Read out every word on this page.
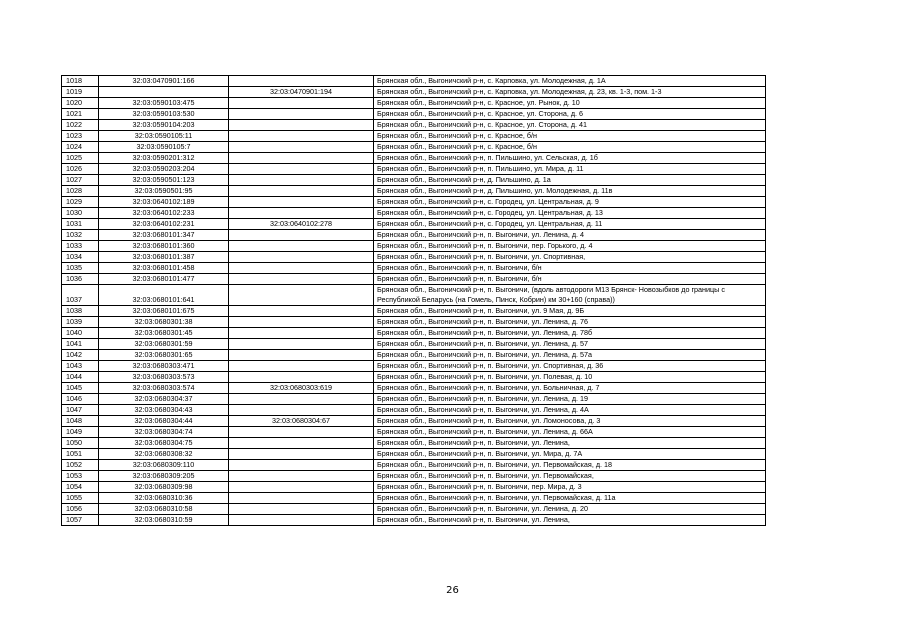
1018	32:03:0470901:166		Брянская обл., Выгоничский р-н, с. Карповка, ул. Молодежная, д. 1А
1019		32:03:0470901:194	Брянская обл., Выгоничский р-н, с. Карповка, ул. Молодежная, д. 23, кв. 1-3, пом. 1-3
1020	32:03:0590103:475		Брянская обл., Выгоничский р-н, с. Красное, ул. Рынок, д. 10
1021	32:03:0590103:530		Брянская обл., Выгоничский р-н, с. Красное, ул. Сторона, д. 6
1022	32:03:0590104:203		Брянская обл., Выгоничский р-н, с. Красное, ул. Сторона, д. 41
1023	32:03:0590105:11		Брянская обл., Выгоничский р-н, с. Красное, б/н
1024	32:03:0590105:7		Брянская обл., Выгоничский р-н, с. Красное, б/н
1025	32:03:0590201:312		Брянская обл., Выгоничский р-н, п. Пильшино, ул. Сельская, д. 1б
1026	32:03:0590203:204		Брянская обл., Выгоничский р-н, п. Пильшино, ул. Мира, д. 11
1027	32:03:0590501:123		Брянская обл., Выгоничский р-н, д. Пильшино, д. 1а
1028	32:03:0590501:95		Брянская обл., Выгоничский р-н, д. Пильшино, ул. Молодежная, д. 11в
1029	32:03:0640102:189		Брянская обл., Выгоничский р-н, с. Городец, ул. Центральная, д. 9
1030	32:03:0640102:233		Брянская обл., Выгоничский р-н, с. Городец, ул. Центральная, д. 13
1031	32:03:0640102:231	32:03:0640102:278	Брянская обл., Выгоничский р-н, с. Городец, ул. Центральная, д. 11
1032	32:03:0680101:347		Брянская обл., Выгоничский р-н, п. Выгоничи, ул. Ленина, д. 4
1033	32:03:0680101:360		Брянская обл., Выгоничский р-н, п. Выгоничи, пер. Горького, д. 4
1034	32:03:0680101:387		Брянская обл., Выгоничский р-н, п. Выгоничи, ул. Спортивная,
1035	32:03:0680101:458		Брянская обл., Выгоничский р-н, п. Выгоничи, б/н
1036	32:03:0680101:477		Брянская обл., Выгоничский р-н, п. Выгоничи, б/н
1037	32:03:0680101:641		Брянская обл., Выгоничский р-н, п. Выгоничи, (вдоль автодороги М13 Брянск- Новозыбков до границы с Республикой Беларусь (на Гомель, Пинск, Кобрин) км 30+160 (справа))
1038	32:03:0680101:675		Брянская обл., Выгоничский р-н, п. Выгоничи, ул. 9 Мая, д. 9Б
1039	32:03:0680301:38		Брянская обл., Выгоничский р-н, п. Выгоничи, ул. Ленина, д. 76
1040	32:03:0680301:45		Брянская обл., Выгоничский р-н, п. Выгоничи, ул. Ленина, д. 78б
1041	32:03:0680301:59		Брянская обл., Выгоничский р-н, п. Выгоничи, ул. Ленина, д. 57
1042	32:03:0680301:65		Брянская обл., Выгоничский р-н, п. Выгоничи, ул. Ленина, д. 57а
1043	32:03:0680303:471		Брянская обл., Выгоничский р-н, п. Выгоничи, ул. Спортивная, д. 36
1044	32:03:0680303:573		Брянская обл., Выгоничский р-н, п. Выгоничи, ул. Полевая, д. 10
1045	32:03:0680303:574	32:03:0680303:619	Брянская обл., Выгоничский р-н, п. Выгоничи, ул. Больничная, д. 7
1046	32:03:0680304:37		Брянская обл., Выгоничский р-н, п. Выгоничи, ул. Ленина, д. 19
1047	32:03:0680304:43		Брянская обл., Выгоничский р-н, п. Выгоничи, ул. Ленина, д. 4А
1048	32:03:0680304:44	32:03:0680304:67	Брянская обл., Выгоничский р-н, п. Выгоничи, ул. Ломоносова, д. 3
1049	32:03:0680304:74		Брянская обл., Выгоничский р-н, п. Выгоничи, ул. Ленина, д. 66А
1050	32:03:0680304:75		Брянская обл., Выгоничский р-н, п. Выгоничи, ул. Ленина,
1051	32:03:0680308:32		Брянская обл., Выгоничский р-н, п. Выгоничи, ул. Мира, д. 7А
1052	32:03:0680309:110		Брянская обл., Выгоничский р-н, п. Выгоничи, ул. Первомайская, д. 18
1053	32:03:0680309:205		Брянская обл., Выгоничский р-н, п. Выгоничи, ул. Первомайская,
1054	32:03:0680309:98		Брянская обл., Выгоничский р-н, п. Выгоничи, пер. Мира, д. 3
1055	32:03:0680310:36		Брянская обл., Выгоничский р-н, п. Выгоничи, ул. Первомайская, д. 11а
1056	32:03:0680310:58		Брянская обл., Выгоничский р-н, п. Выгоничи, ул. Ленина, д. 20
1057	32:03:0680310:59		Брянская обл., Выгоничский р-н, п. Выгоничи, ул. Ленина,
26
